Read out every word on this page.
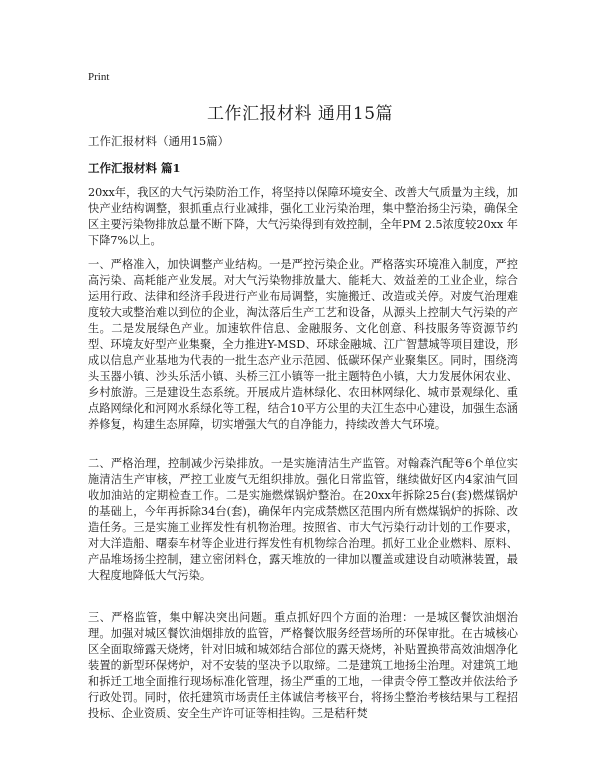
Print
工作汇报材料 通用15篇
工作汇报材料（通用15篇）
工作汇报材料 篇1

20xx年，我区的大气污染防治工作，将坚持以保障环境安全、改善大气质量为主线，加快产业结构调整，狠抓重点行业减排，强化工业污染治理，集中整治扬尘污染，确保全区主要污染物排放总量不断下降，大气污染得到有效控制，全年PM 2.5浓度较20xx 年下降7%以上。

一、严格准入，加快调整产业结构。一是严控污染企业。严格落实环境准入制度，严控高污染、高耗能产业发展。对大气污染物排放量大、能耗大、效益差的工业企业，综合运用行政、法律和经济手段进行产业布局调整，实施搬迁、改造或关停。对废气治理难度较大或整治难以到位的企业，淘汰落后生产工艺和设备，从源头上控制大气污染的产生。二是发展绿色产业。加速软件信息、金融服务、文化创意、科技服务等资源节约型、环境友好型产业集聚，全力推进Y-MSD、环球金融城、江广智慧城等项目建设，形成以信息产业基地为代表的一批生态产业示范园、低碳环保产业聚集区。同时，围绕湾头玉器小镇、沙头乐活小镇、头桥三江小镇等一批主题特色小镇，大力发展休闲农业、乡村旅游。三是建设生态系统。开展成片造林绿化、农田林网绿化、城市景观绿化、重点路网绿化和河网水系绿化等工程，结合10平方公里的夫江生态中心建设，加强生态涵养修复，构建生态屏障，切实增强大气的自净能力，持续改善大气环境。

二、严格治理，控制减少污染排放。一是实施清洁生产监管。对翰森汽配等6个单位实施清洁生产审核，严控工业废气无组织排放。强化日常监管，继续做好区内4家油气回收加油站的定期检查工作。二是实施燃煤锅炉整治。在20xx年拆除25台(套)燃煤锅炉的基础上，今年再拆除34台(套)，确保年内完成禁燃区范围内所有燃煤锅炉的拆除、改造任务。三是实施工业挥发性有机物治理。按照省、市大气污染行动计划的工作要求，对大洋造船、曙泰车材等企业进行挥发性有机物综合治理。抓好工业企业燃料、原料、产品堆场扬尘控制，建立密闭料仓，露天堆放的一律加以覆盖或建设自动喷淋装置，最大程度地降低大气污染。

三、严格监管，集中解决突出问题。重点抓好四个方面的治理：一是城区餐饮油烟治理。加强对城区餐饮油烟排放的监管，严格餐饮服务经营场所的环保审批。在古城核心区全面取缔露天烧烤，针对旧城和城郊结合部位的露天烧烤，补贴置换带高效油烟净化装置的新型环保烤炉，对不安装的坚决予以取缔。二是建筑工地扬尘治理。对建筑工地和拆迁工地全面推行现场标准化管理，扬尘严重的工地，一律责令停工整改并依法给予行政处罚。同时，依托建筑市场责任主体诚信考核平台，将扬尘整治考核结果与工程招投标、企业资质、安全生产许可证等相挂钩。三是秸秆焚
